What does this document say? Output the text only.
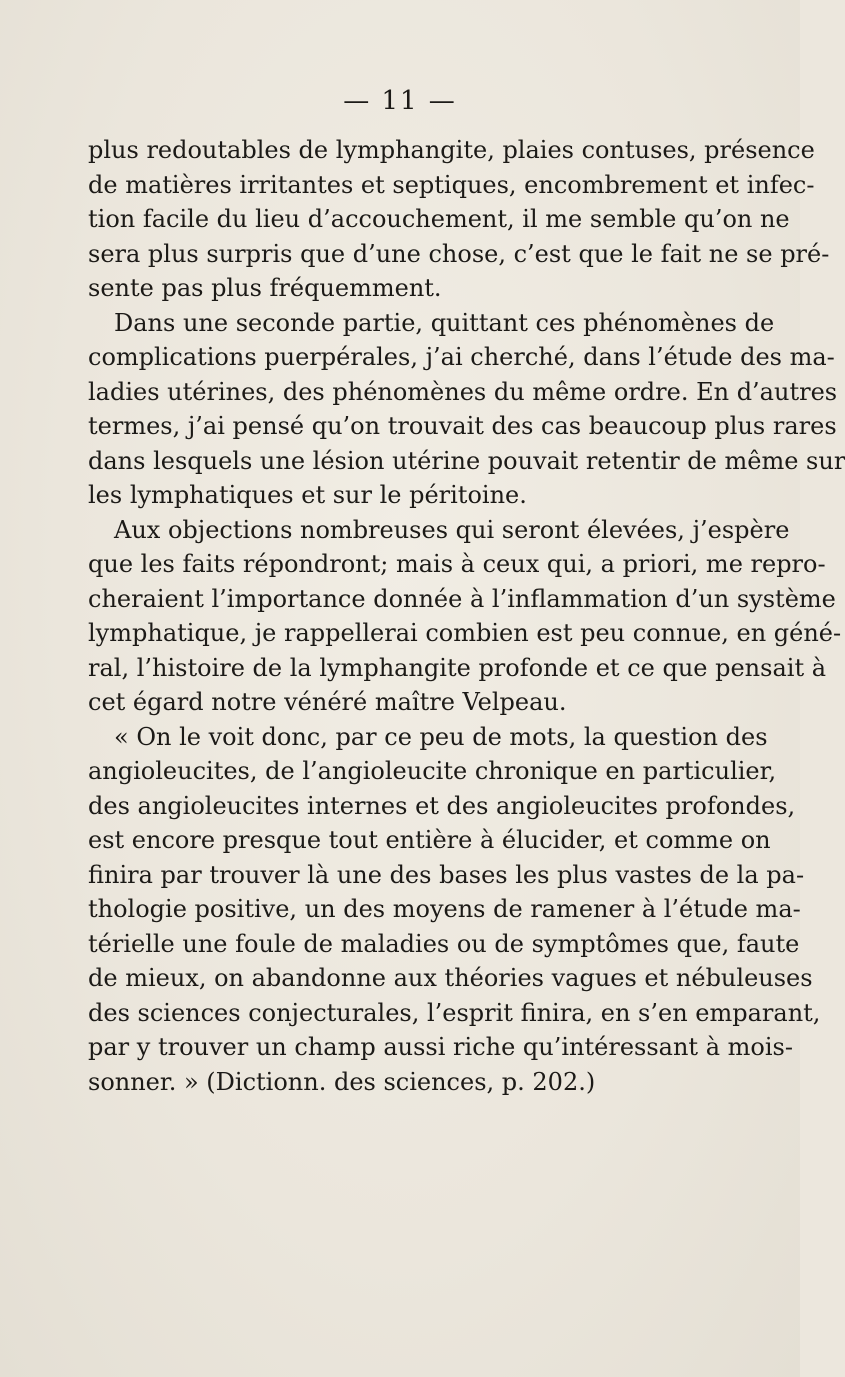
— 11 —
plus redoutables de lymphangite, plaies contuses, présence
de matières irritantes et septiques, encombrement et infec-
tion facile du lieu d’accouchement, il me semble qu’on ne
sera plus surpris que d’une chose, c’est que le fait ne se pré-
sente pas plus fréquemment.
Dans une seconde partie, quittant ces phénomènes de
complications puerpérales, j’ai cherché, dans l’étude des ma-
ladies utérines, des phénomènes du même ordre. En d’autres
termes, j’ai pensé qu’on trouvait des cas beaucoup plus rares
dans lesquels une lésion utérine pouvait retentir de même sur
les lymphatiques et sur le péritoine.
Aux objections nombreuses qui seront élevées, j’espère
que les faits répondront; mais à ceux qui, a priori, me repro-
cheraient l’importance donnée à l’inflammation d’un système
lymphatique, je rappellerai combien est peu connue, en géné-
ral, l’histoire de la lymphangite profonde et ce que pensait à
cet égard notre vénéré maître Velpeau.
« On le voit donc, par ce peu de mots, la question des
angioleucites, de l’angioleucite chronique en particulier,
des angioleucites internes et des angioleucites profondes,
est encore presque tout entière à élucider, et comme on
finira par trouver là une des bases les plus vastes de la pa-
thologie positive, un des moyens de ramener à l’étude ma-
térielle une foule de maladies ou de symptômes que, faute
de mieux, on abandonne aux théories vagues et nébuleuses
des sciences conjecturales, l’esprit finira, en s’en emparant,
par y trouver un champ aussi riche qu’intéressant à mois-
sonner. » (Dictionn. des sciences, p. 202.)
